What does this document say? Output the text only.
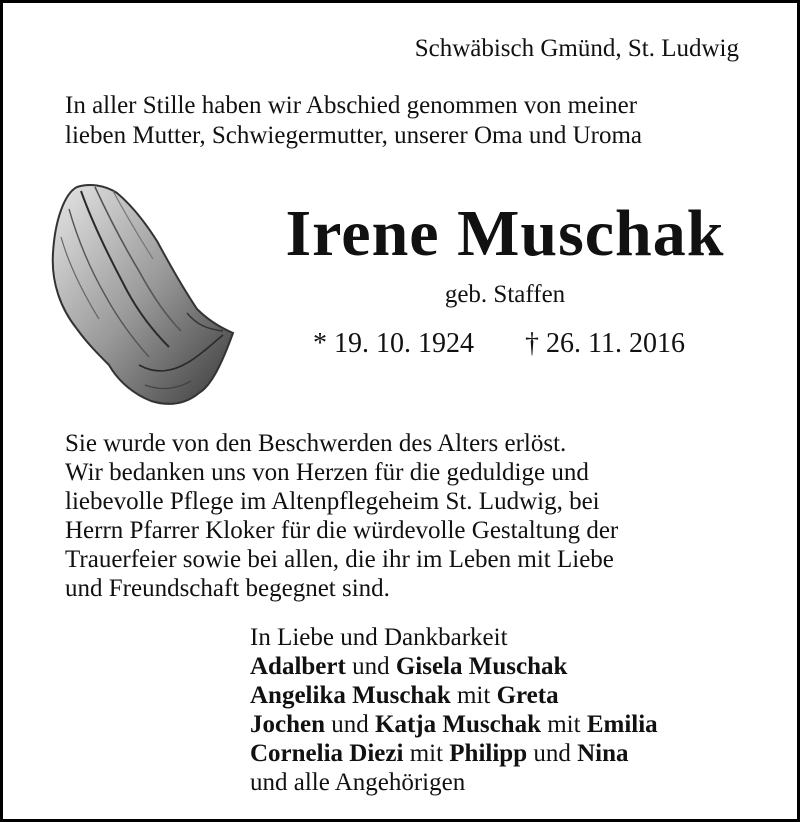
Schwäbisch Gmünd, St. Ludwig
In aller Stille haben wir Abschied genommen von meiner
lieben Mutter, Schwiegermutter, unserer Oma und Uroma
Irene Muschak
geb. Staffen
* 19. 10. 1924 † 26. 11. 2016
Sie wurde von den Beschwerden des Alters erlöst.
Wir bedanken uns von Herzen für die geduldige und
liebevolle Pflege im Altenpflegeheim St. Ludwig, bei
Herrn Pfarrer Kloker für die würdevolle Gestaltung der
Trauerfeier sowie bei allen, die ihr im Leben mit Liebe
und Freundschaft begegnet sind.
In Liebe und Dankbarkeit
Adalbert und Gisela Muschak
Angelika Muschak mit Greta
Jochen und Katja Muschak mit Emilia
Cornelia Diezi mit Philipp und Nina
und alle Angehörigen
